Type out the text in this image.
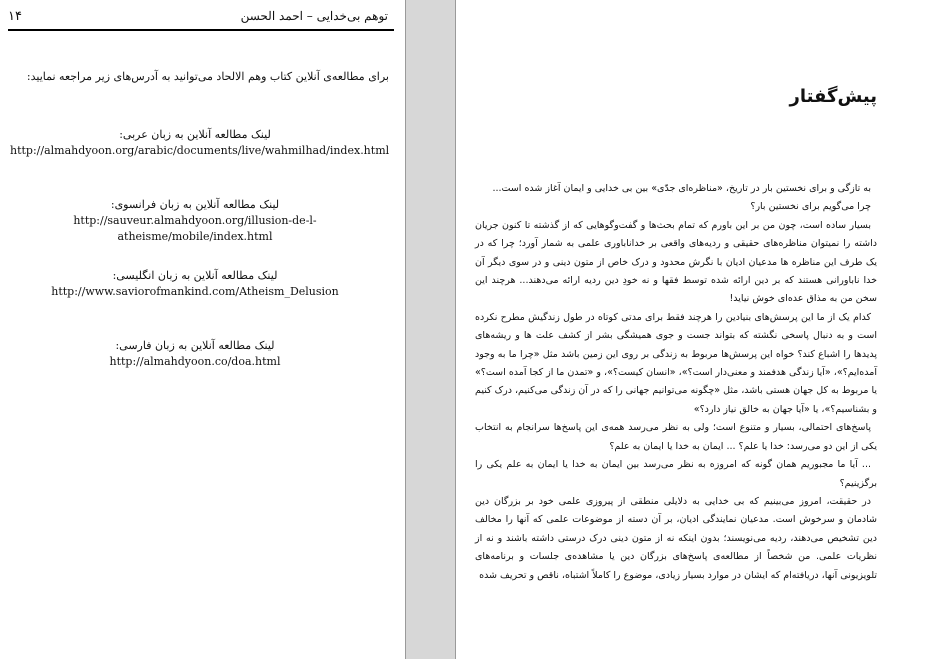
توهم بی‌خدایی – احمد الحسن
۱۴
برای مطالعه‌ی آنلاین کتاب وهم الالحاد می‌توانید به آدرس‌های زیر مراجعه نمایید:
لینک مطالعه آنلاین به زبان عربی:
http://almahdyoon.org/arabic/documents/live/wahmilhad/index.html
لینک مطالعه آنلاین به زبان فرانسوی:
http://sauveur.almahdyoon.org/illusion-de-l-atheisme/mobile/index.html
لینک مطالعه آنلاین به زبان انگلیسی:
http://www.saviorofmankind.com/Atheism_Delusion
لینک مطالعه آنلاین به زبان فارسی:
http://almahdyoon.co/doa.html
پیش‌گفتار

به تازگی و برای نخستین بار در تاریخ، «مناظره‌ای جدّی» بین بی خدایی و ایمان آغاز شده است...

چرا می‌گویم برای نخستین بار؟

بسیار ساده است، چون من بر این باورم که تمام بحث‌ها و گفت‌وگوهایی که از گذشته تا کنون جریان داشته را نمیتوان مناظره‌های حقیقی و ردیه‌های واقعی بر خداناباوری علمی به شمار آورد؛ چرا که در یک طرف این مناظره ها مدعیان ادیان با نگرش محدود و درک خاص از متون دینی و در سوی دیگر آن خدا ناباورانی هستند که بر دین ارائه شده توسط فقها و نه خودِ دین ردیه ارائه می‌دهند... هرچند این سخن من به مذاق عده‌ای خوش نیاید!

کدام یک از ما این پرسش‌های بنیادین را هرچند فقط برای مدتی کوتاه در طول زندگیش مطرح نکرده است و به دنبال پاسخی نگشته که بتواند جست و جوی همیشگی بشر از کشف علت ها و ریشه‌های پدیدها را اشباع کند؟ خواه این پرسش‌ها مربوط به زندگی بر روی این زمین باشد مثل «چرا ما به وجود آمده‌ایم؟»، «آیا زندگی هدفمند و معنی‌دار است؟»، «انسان کیست؟»، و «تمدن ما از کجا آمده است؟» یا مربوط به کل جهان هستی باشد، مثل «چگونه می‌توانیم جهانی را که در آن زندگی می‌کنیم، درک کنیم و بشناسیم؟»، یا «آیا جهان به خالق نیاز دارد؟»

پاسخ‌های احتمالی، بسیار و متنوع است؛ ولی به نظر می‌رسد همه‌ی این پاسخ‌ها سرانجام به انتخاب یکی از این دو می‌رسد: خدا یا علم؟ ... ایمان به خدا یا ایمان به علم؟

... آیا ما مجبوریم همان گونه که امروزه به نظر می‌رسد بین ایمان به خدا یا ایمان به علم یکی را برگزینیم؟

در حقیقت، امروز می‌بینیم که بی خدایی به دلایلی منطقی از پیروزی علمی خود بر بزرگان دین شادمان و سرخوش است. مدعیان نمایندگی ادیان، بر آن دسته از موضوعات علمی که آنها را مخالف دین تشخیص می‌دهند، ردیه می‌نویسند؛ بدون اینکه نه از متون دینی درک درستی داشته باشند و نه از نظریات علمی. من شخصاً از مطالعه‌ی پاسخ‌های بزرگان دین یا مشاهده‌ی جلسات و برنامه‌های تلویزیونی آنها، دریافته‌ام که ایشان در موارد بسیار زیادی، موضوع را کاملاً اشتباه، ناقص و تحریف شده
